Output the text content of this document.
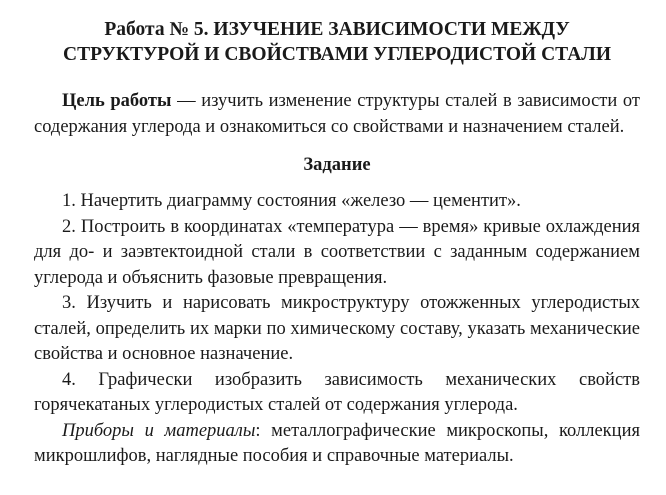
Работа № 5. ИЗУЧЕНИЕ ЗАВИСИМОСТИ МЕЖДУ
СТРУКТУРОЙ И СВОЙСТВАМИ УГЛЕРОДИСТОЙ СТАЛИ

Цель работы — изучить изменение структуры сталей в зависимости от содержания углерода и ознакомиться со свойствами и назначением сталей.

Задание

1. Начертить диаграмму состояния «железо — цементит».

2. Построить в координатах «температура — время» кривые охлаждения для до- и заэвтектоидной стали в соответствии с заданным содержанием углерода и объяснить фазовые превращения.

3. Изучить и нарисовать микроструктуру отожженных углеродистых сталей, определить их марки по химическому составу, указать механические свойства и основное назначение.

4. Графически изобразить зависимость механических свойств горячекатаных углеродистых сталей от содержания углерода.

Приборы и материалы: металлографические микроскопы, коллекция микрошлифов, наглядные пособия и справочные материалы.
